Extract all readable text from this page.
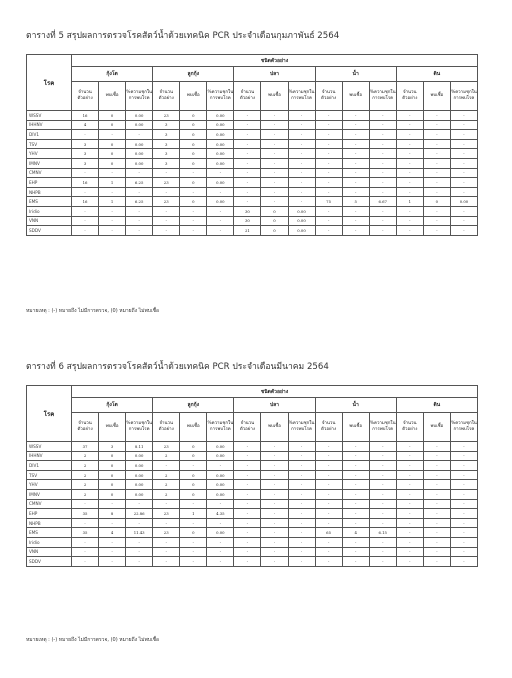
ตารางที่ 5 สรุปผลการตรวจโรคสัตว์น้ำด้วยเทคนิค PCR ประจำเดือนกุมภาพันธ์ 2564
โรค	ชนิดตัวอย่าง														
	กุ้งโต			ลูกกุ้ง			ปลา			น้ำ			ดิน		
	จำนวนตัวอย่าง	พบเชื้อ	%ความชุกในการพบโรค	จำนวนตัวอย่าง	พบเชื้อ	%ความชุกในการพบโรค	จำนวนตัวอย่าง	พบเชื้อ	%ความชุกในการพบโรค	จำนวนตัวอย่าง	พบเชื้อ	%ความชุกในการพบโรค	จำนวนตัวอย่าง	พบเชื้อ	%ความชุกในการพบโรค
WSSV	16	0	0.00	23	0	0.00	-	-	-	-	-	-	-	-	-
IHHNV	4	0	0.00	3	0	0.00	-	-	-	-	-	-	-	-	-
DIV1	-	-	-	3	0	0.00	-	-	-	-	-	-	-	-	-
TSV	3	0	0.00	3	0	0.00	-	-	-	-	-	-	-	-	-
YHV	3	0	0.00	3	0	0.00	-	-	-	-	-	-	-	-	-
IMNV	3	0	0.00	3	0	0.00	-	-	-	-	-	-	-	-	-
CMNV	-	-	-	-	-	-	-	-	-	-	-	-	-	-	-
EHP	16	1	6.25	23	0	0.00	-	-	-	-	-	-	-	-	-
NHPB	-	-	-	-	-	-	-	-	-	-	-	-	-	-	-
EMS	16	1	6.25	23	0	0.00	-	-	-	75	5	6.67	1	0	0.00
Iridio	-	-	-	-	-	-	30	0	0.00	-	-	-	-	-	-
VNN	-	-	-	-	-	-	30	0	0.00	-	-	-	-	-	-
SDDV	-	-	-	-	-	-	21	0	0.00	-	-	-	-	-	-
หมายเหตุ : (-) หมายถึง ไม่มีการตรวจ, (0) หมายถึง ไม่พบเชื้อ
ตารางที่ 6 สรุปผลการตรวจโรคสัตว์น้ำด้วยเทคนิค PCR ประจำเดือนมีนาคม 2564
โรค	ชนิดตัวอย่าง														
	กุ้งโต			ลูกกุ้ง			ปลา			น้ำ			ดิน		
	จำนวนตัวอย่าง	พบเชื้อ	%ความชุกในการพบโรค	จำนวนตัวอย่าง	พบเชื้อ	%ความชุกในการพบโรค	จำนวนตัวอย่าง	พบเชื้อ	%ความชุกในการพบโรค	จำนวนตัวอย่าง	พบเชื้อ	%ความชุกในการพบโรค	จำนวนตัวอย่าง	พบเชื้อ	%ความชุกในการพบโรค
WSSV	37	3	8.11	23	0	0.00	-	-	-	-	-	-	-	-	-
IHHNV	2	0	0.00	2	0	0.00	-	-	-	-	-	-	-	-	-
DIV1	2	0	0.00	-	-	-	-	-	-	-	-	-	-	-	-
TSV	2	0	0.00	2	0	0.00	-	-	-	-	-	-	-	-	-
YHV	2	0	0.00	2	0	0.00	-	-	-	-	-	-	-	-	-
IMNV	2	0	0.00	2	0	0.00	-	-	-	-	-	-	-	-	-
CMNV	-	-	-	-	-	-	-	-	-	-	-	-	-	-	-
EHP	35	8	22.86	23	1	4.35	-	-	-	-	-	-	-	-	-
NHPB	-	-	-	-	-	-	-	-	-	-	-	-	-	-	-
EMS	35	4	11.43	23	0	0.00	-	-	-	65	4	6.15	-	-	-
Iridio	-	-	-	-	-	-	-	-	-	-	-	-	-	-	-
VNN	-	-	-	-	-	-	-	-	-	-	-	-	-	-	-
SDDV	-	-	-	-	-	-	-	-	-	-	-	-	-	-	-
หมายเหตุ : (-) หมายถึง ไม่มีการตรวจ, (0) หมายถึง ไม่พบเชื้อ
